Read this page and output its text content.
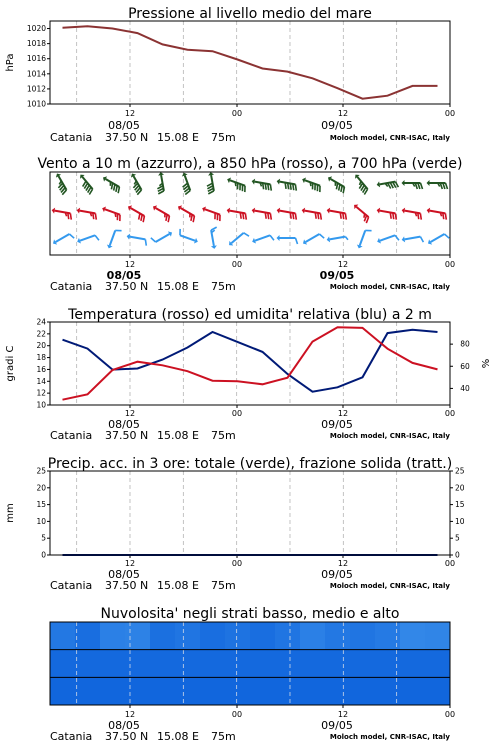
Pressione al livello medio del mare
12	00	12	00
08/05	09/05
Catania 37.50 N 15.08 E 75m	Moloch model, CNR-ISAC, Italy
1020
1018
1016
1014
1012
1010
hPa
Vento a 10 m (azzurro), a 850 hPa (rosso), a 700 hPa (verde)
12	00	12	00
08/05	09/05
Catania 37.50 N 15.08 E 75m	Moloch model, CNR-ISAC, Italy
Temperatura (rosso) ed umidita' relativa (blu) a 2 m
12	00	12	00
08/05	09/05
Catania 37.50 N 15.08 E 75m	Moloch model, CNR-ISAC, Italy
24
22
20
18
16
14
12
10
gradi C
80
60
40
%
Precip. acc. in 3 ore: totale (verde), frazione solida (tratt.)
12	00	12	00
08/05	09/05
Catania 37.50 N 15.08 E 75m	Moloch model, CNR-ISAC, Italy
25
20
15
10
5
0
25
20
15
10
5
0
mm
Nuvolosita' negli strati basso, medio e alto
12	00	12	00
08/05	09/05
Catania 37.50 N 15.08 E 75m	Moloch model, CNR-ISAC, Italy
